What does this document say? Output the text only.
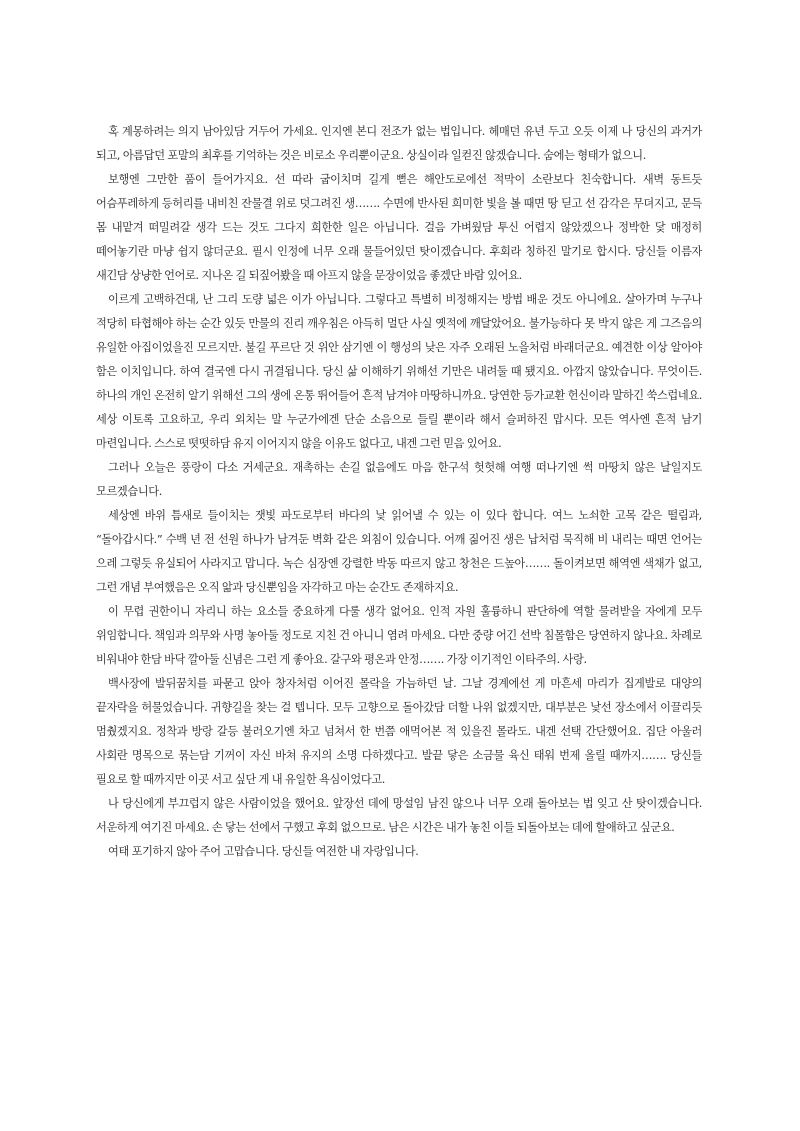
혹 계몽하려는 의지 남아있담 거두어 가세요. 인지엔 본디 전조가 없는 법입니다. 헤매던 유년 두고 오듯 이제 나 당신의 과거가 되고, 아름답던 포말의 최후를 기억하는 것은 비로소 우리뿐이군요. 상실이라 일컫진 않겠습니다. 숨에는 형태가 없으니.

보행엔 그만한 품이 들어가지요. 선 따라 굽이치며 길게 뻗은 해안도로에선 적막이 소란보다 친숙합니다. 새벽 동트듯 어슴푸레하게 등허리를 내비친 잔물결 위로 덧그려진 생……. 수면에 반사된 희미한 빛을 볼 때면 땅 딛고 선 감각은 무뎌지고, 문득 몸 내맡겨 떠밀려갈 생각 드는 것도 그다지 희한한 일은 아닙니다. 걸음 가벼웠담 투신 어렵지 않았겠으나 정박한 닻 매정히 떼어놓기란 마냥 쉽지 않더군요. 필시 인정에 너무 오래 물들어있던 탓이겠습니다. 후회라 칭하진 말기로 합시다. 당신들 이름자 새긴담 상냥한 언어로. 지나온 길 되짚어봤을 때 아프지 않을 문장이었음 좋겠단 바람 있어요.

이르게 고백하건대, 난 그리 도량 넓은 이가 아닙니다. 그렇다고 특별히 비정해지는 방법 배운 것도 아니에요. 살아가며 누구나 적당히 타협해야 하는 순간 있듯 만물의 진리 깨우침은 아득히 멀단 사실 옛적에 깨달았어요. 불가능하다 못 박지 않은 게 그즈음의 유일한 아집이었을진 모르지만. 불길 푸르단 것 위안 삼기엔 이 행성의 낮은 자주 오래된 노을처럼 바래더군요. 예견한 이상 알아야 함은 이치입니다. 하여 결국엔 다시 귀결됩니다. 당신 삶 이해하기 위해선 기만은 내려둘 때 됐지요. 아깝지 않았습니다. 무엇이든. 하나의 개인 온전히 알기 위해선 그의 생에 온통 뛰어들어 흔적 남겨야 마땅하니까요. 당연한 등가교환 헌신이라 말하긴 쑥스럽네요. 세상 이토록 고요하고, 우리 외치는 말 누군가에겐 단순 소음으로 들릴 뿐이라 해서 슬퍼하진 맙시다. 모든 역사엔 흔적 남기 마련입니다. 스스로 떳떳하담 유지 이어지지 않을 이유도 없다고, 내겐 그런 믿음 있어요.

그러나 오늘은 풍랑이 다소 거세군요. 재촉하는 손길 없음에도 마음 한구석 헛헛해 여행 떠나기엔 썩 마땅치 않은 날일지도 모르겠습니다.

세상엔 바위 틈새로 들이치는 잿빛 파도로부터 바다의 낯 읽어낼 수 있는 이 있다 합니다. 여느 노쇠한 고목 같은 떨림과, “돌아갑시다.” 수백 년 전 선원 하나가 남겨둔 벽화 같은 외침이 있습니다. 어깨 짊어진 생은 납처럼 묵직해 비 내리는 때면 언어는 으레 그렇듯 유실되어 사라지고 맙니다. 녹슨 심장엔 강렬한 박동 따르지 않고 창천은 드높아……. 돌이켜보면 해역엔 색채가 없고, 그런 개념 부여했음은 오직 앎과 당신뿐임을 자각하고 마는 순간도 존재하지요.

이 무렵 권한이니 자리니 하는 요소들 중요하게 다룰 생각 없어요. 인적 자원 훌륭하니 판단하에 역할 물려받을 자에게 모두 위임합니다. 책임과 의무와 사명 놓아둘 정도로 지친 건 아니니 염려 마세요. 다만 중량 어긴 선박 침몰함은 당연하지 않나요. 차례로 비워내야 한담 바닥 깔아둘 신념은 그런 게 좋아요. 갈구와 평온과 안정……. 가장 이기적인 이타주의. 사랑.

백사장에 발뒤꿈치를 파묻고 앉아 창자처럼 이어진 몰락을 가늠하던 날. 그날 경계에선 게 마흔세 마리가 집게발로 대양의 끝자락을 허물었습니다. 귀향길을 찾는 걸 텝니다. 모두 고향으로 돌아갔담 더할 나위 없겠지만, 대부분은 낯선 장소에서 이끌리듯 멈췄겠지요. 정착과 방랑 갈등 불러오기엔 차고 넘쳐서 한 번쯤 애먹어본 적 있을진 몰라도. 내겐 선택 간단했어요. 집단 아울러 사회란 명목으로 묶는담 기꺼이 자신 바쳐 유지의 소명 다하겠다고. 발끝 닿은 소금물 육신 태워 번제 올릴 때까지……. 당신들 필요로 할 때까지만 이곳 서고 싶단 게 내 유일한 욕심이었다고.

나 당신에게 부끄럽지 않은 사람이었을 했어요. 앞장선 데에 망설임 남진 않으나 너무 오래 돌아보는 법 잊고 산 탓이겠습니다. 서운하게 여기진 마세요. 손 닿는 선에서 구했고 후회 없으므로. 남은 시간은 내가 놓친 이들 되돌아보는 데에 할애하고 싶군요.

여태 포기하지 않아 주어 고맙습니다. 당신들 여전한 내 자랑입니다.
